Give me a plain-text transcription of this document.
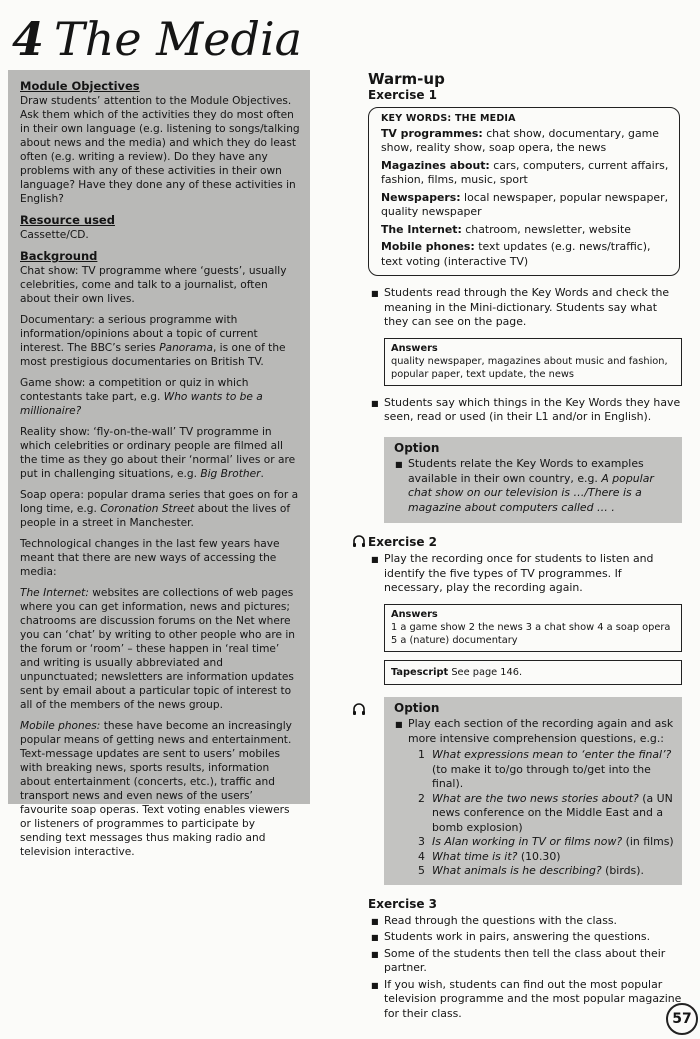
4 The Media
Module Objectives

Draw students’ attention to the Module Objectives. Ask them which of the activities they do most often in their own language (e.g. listening to songs/talking about news and the media) and which they do least often (e.g. writing a review). Do they have any problems with any of these activities in their own language? Have they done any of these activities in English?

Resource used

Cassette/CD.

Background

Chat show: TV programme where ‘guests’, usually celebrities, come and talk to a journalist, often about their own lives.

Documentary: a serious programme with information/opinions about a topic of current interest. The BBC’s series Panorama, is one of the most prestigious documentaries on British TV.

Game show: a competition or quiz in which contestants take part, e.g. Who wants to be a millionaire?

Reality show: ‘fly-on-the-wall’ TV programme in which celebrities or ordinary people are filmed all the time as they go about their ‘normal’ lives or are put in challenging situations, e.g. Big Brother.

Soap opera: popular drama series that goes on for a long time, e.g. Coronation Street about the lives of people in a street in Manchester.

Technological changes in the last few years have meant that there are new ways of accessing the media:

The Internet: websites are collections of web pages where you can get information, news and pictures; chatrooms are discussion forums on the Net where you can ‘chat’ by writing to other people who are in the forum or ‘room’ – these happen in ‘real time’ and writing is usually abbreviated and unpunctuated; newsletters are information updates sent by email about a particular topic of interest to all of the members of the news group.

Mobile phones: these have become an increasingly popular means of getting news and entertainment. Text-message updates are sent to users’ mobiles with breaking news, sports results, information about entertainment (concerts, etc.), traffic and transport news and even news of the users’ favourite soap operas. Text voting enables viewers or listeners of programmes to participate by sending text messages thus making radio and television interactive.

Warm-up
Exercise 1
KEY WORDS: THE MEDIA

TV programmes: chat show, documentary, game show, reality show, soap opera, the news

Magazines about: cars, computers, current affairs, fashion, films, music, sport

Newspapers: local newspaper, popular newspaper, quality newspaper

The Internet: chatroom, newsletter, website

Mobile phones: text updates (e.g. news/traffic), text voting (interactive TV)

■ Students read through the Key Words and check the meaning in the Mini-dictionary. Students say what they can see on the page.
Answers
quality newspaper, magazines about music and fashion, popular paper, text update, the news
■ Students say which things in the Key Words they have seen, read or used (in their L1 and/or in English).
Option
■ Students relate the Key Words to examples available in their own country, e.g. A popular chat show on our television is …/There is a magazine about computers called … .
Exercise 2
■ Play the recording once for students to listen and identify the five types of TV programmes. If necessary, play the recording again.
Answers
1 a game show 2 the news 3 a chat show 4 a soap opera
5 a (nature) documentary
Tapescript See page 146.
Option
■ Play each section of the recording again and ask more intensive comprehension questions, e.g.:
1 What expressions mean to ‘enter the final’? (to make it to/go through to/get into the final).
2 What are the two news stories about? (a UN news conference on the Middle East and a bomb explosion)
3 Is Alan working in TV or films now? (in films)
4 What time is it? (10.30)
5 What animals is he describing? (birds).
Exercise 3
■ Read through the questions with the class.
■ Students work in pairs, answering the questions.
■ Some of the students then tell the class about their partner.
■ If you wish, students can find out the most popular television programme and the most popular magazine for their class.	57
